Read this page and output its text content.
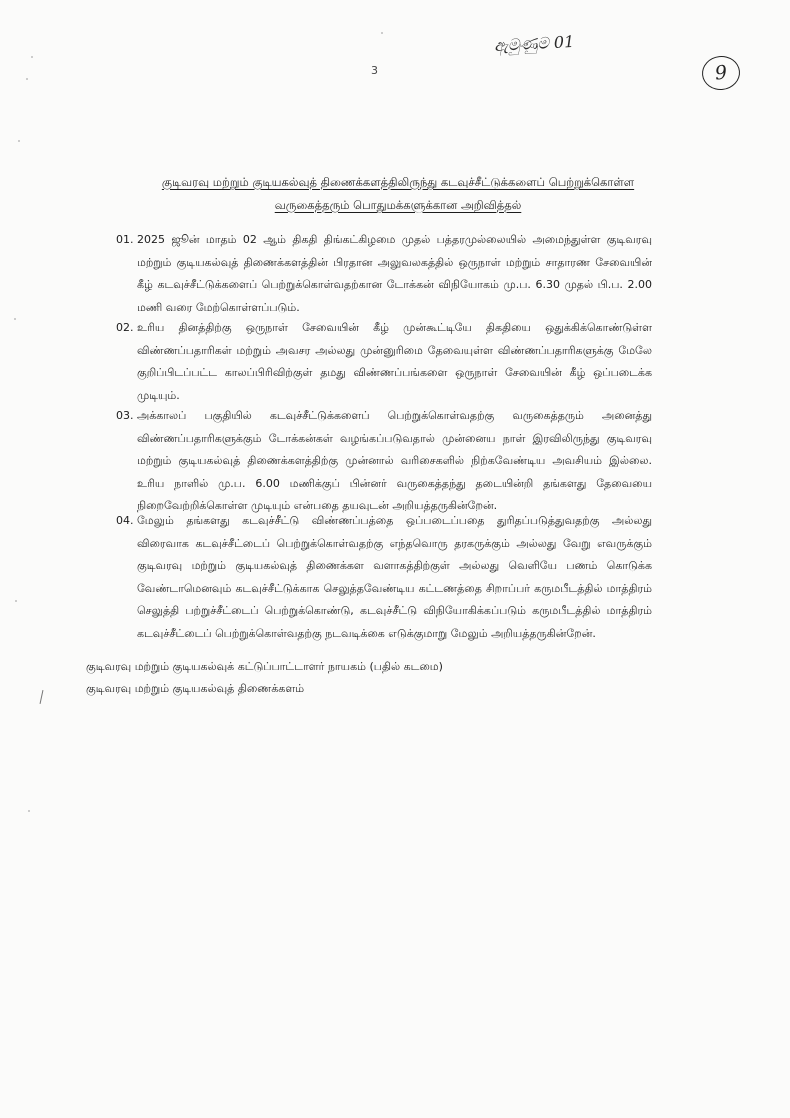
ඇමුණුම 01
9
3
குடிவரவு மற்றும் குடியகல்வுத் திணைக்களத்திலிருந்து கடவுச்சீட்டுக்களைப் பெற்றுக்கொள்ள
வருகைத்தரும் பொதுமக்களுக்கான அறிவித்தல்
01. 2025 ஜூன் மாதம் 02 ஆம் திகதி திங்கட்கிழமை முதல் பத்தரமுல்லையில் அமைந்துள்ள குடிவரவு மற்றும் குடியகல்வுத் திணைக்களத்தின் பிரதான அலுவலகத்தில் ஒருநாள் மற்றும் சாதாரண சேவையின் கீழ் கடவுச்சீட்டுக்களைப் பெற்றுக்கொள்வதற்கான டோக்கன் விநியோகம் மு.ப. 6.30 முதல் பி.ப. 2.00 மணி வரை மேற்கொள்ளப்படும்.
02. உரிய தினத்திற்கு ஒருநாள் சேவையின் கீழ் முன்கூட்டியே திகதியை ஒதுக்கிக்கொண்டுள்ள விண்ணப்பதாரிகள் மற்றும் அவசர அல்லது முன்னுரிமை தேவையுள்ள விண்ணப்பதாரிகளுக்கு மேலே குறிப்பிடப்பட்ட காலப்பிரிவிற்குள் தமது விண்ணப்பங்களை ஒருநாள் சேவையின் கீழ் ஒப்படைக்க முடியும்.
03. அக்காலப் பகுதியில் கடவுச்சீட்டுக்களைப் பெற்றுக்கொள்வதற்கு வருகைத்தரும் அனைத்து விண்ணப்பதாரிகளுக்கும் டோக்கன்கள் வழங்கப்படுவதால் முன்னைய நாள் இரவிலிருந்து குடிவரவு மற்றும் குடியகல்வுத் திணைக்களத்திற்கு முன்னால் வரிசைகளில் நிற்கவேண்டிய அவசியம் இல்லை. உரிய நாளில் மு.ப. 6.00 மணிக்குப் பின்னர் வருகைத்தந்து தடையின்றி தங்களது தேவையை நிறைவேற்றிக்கொள்ள முடியும் என்பதை தயவுடன் அறியத்தருகின்றேன்.
04. மேலும் தங்களது கடவுச்சீட்டு விண்ணப்பத்தை ஒப்படைப்பதை துரிதப்படுத்துவதற்கு அல்லது விரைவாக கடவுச்சீட்டைப் பெற்றுக்கொள்வதற்கு எந்தவொரு தரகருக்கும் அல்லது வேறு எவருக்கும் குடிவரவு மற்றும் குடியகல்வுத் திணைக்கள வளாகத்திற்குள் அல்லது வெளியே பணம் கொடுக்க வேண்டாமெனவும் கடவுச்சீட்டுக்காக செலுத்தவேண்டிய கட்டணத்தை சிறாப்பர் கருமபீடத்தில் மாத்திரம் செலுத்தி பற்றுச்சீட்டைப் பெற்றுக்கொண்டு, கடவுச்சீட்டு விநியோகிக்கப்படும் கருமபீடத்தில் மாத்திரம் கடவுச்சீட்டைப் பெற்றுக்கொள்வதற்கு நடவடிக்கை எடுக்குமாறு மேலும் அறியத்தருகின்றேன்.
குடிவரவு மற்றும் குடியகல்வுக் கட்டுப்பாட்டாளர் நாயகம் (பதில் கடமை)
குடிவரவு மற்றும் குடியகல்வுத் திணைக்களம்
